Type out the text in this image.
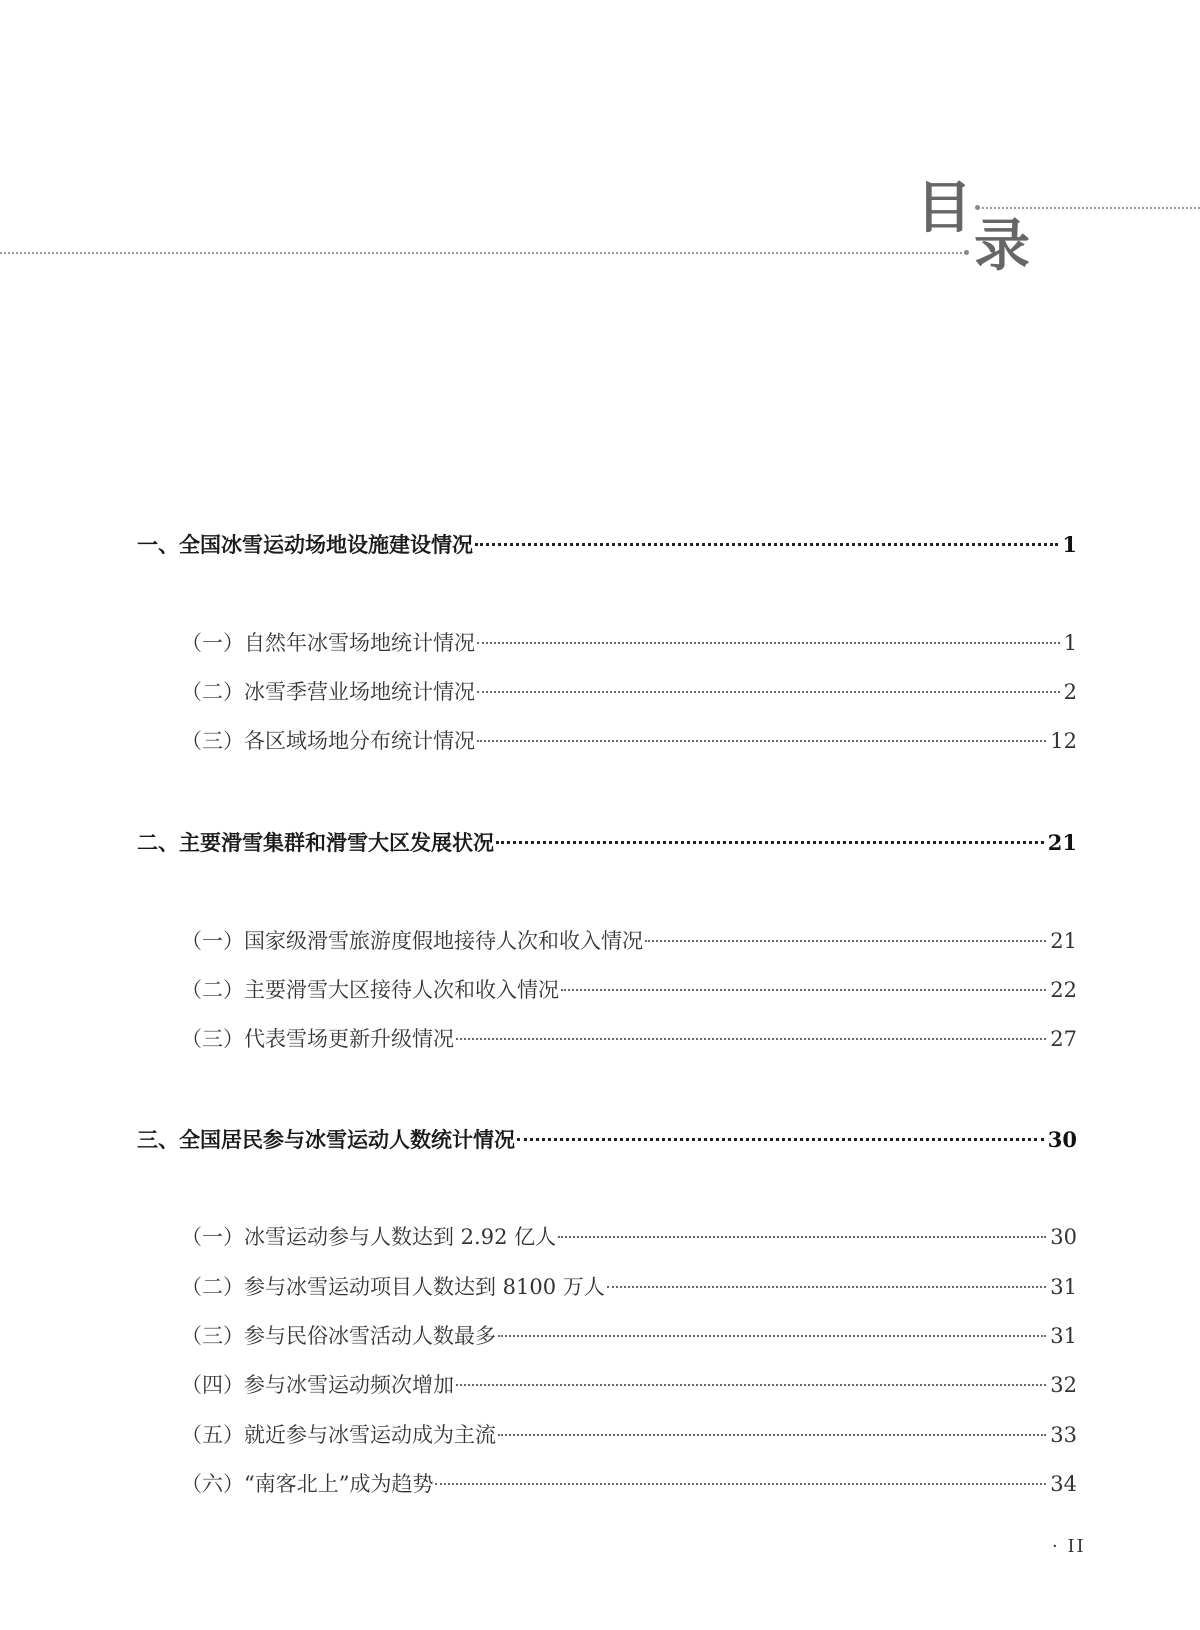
目
录
一、全国冰雪运动场地设施建设情况	1
（一）自然年冰雪场地统计情况	1
（二）冰雪季营业场地统计情况	2
（三）各区域场地分布统计情况	12
二、主要滑雪集群和滑雪大区发展状况	21
（一）国家级滑雪旅游度假地接待人次和收入情况	21
（二）主要滑雪大区接待人次和收入情况	22
（三）代表雪场更新升级情况	27
三、全国居民参与冰雪运动人数统计情况	30
（一）冰雪运动参与人数达到 2.92 亿人	30
（二）参与冰雪运动项目人数达到 8100 万人	31
（三）参与民俗冰雪活动人数最多	31
（四）参与冰雪运动频次增加	32
（五）就近参与冰雪运动成为主流	33
（六）“南客北上”成为趋势	34
· II
